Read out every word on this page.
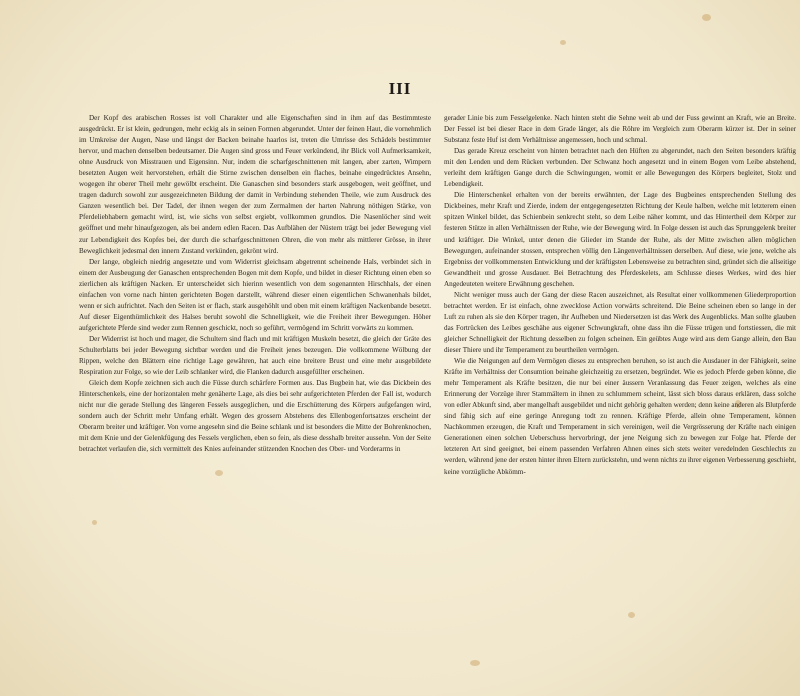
III

Der Kopf des arabischen Rosses ist voll Charakter und alle Eigenschaften sind in ihm auf das Bestimmteste ausgedrückt. Er ist klein, gedrungen, mehr eckig als in seinen Formen abgerundet. Unter der feinen Haut, die vornehmlich im Umkreise der Augen, Nase und längst der Backen beinahe haarlos ist, treten die Umrisse des Schädels bestimmter hervor, und machen denselben bedeutsamer. Die Augen sind gross und Feuer verkündend, ihr Blick voll Aufmerksamkeit, ohne Ausdruck von Misstrauen und Eigensinn. Nur, indem die scharfgeschnittenen mit langen, aber zarten, Wimpern besetzten Augen weit hervorstehen, erhält die Stirne zwischen denselben ein flaches, beinahe eingedrücktes Ansehn, wogegen ihr oberer Theil mehr gewölbt erscheint. Die Ganaschen sind besonders stark ausgebogen, weit geöffnet, und tragen dadurch sowohl zur ausgezeichneten Bildung der damit in Verbindung stehenden Theile, wie zum Ausdruck des Ganzen wesentlich bei. Der Tadel, der ihnen wegen der zum Zermalmen der harten Nahrung nöthigen Stärke, von Pferdeliebhabern gemacht wird, ist, wie sichs von selbst ergiebt, vollkommen grundlos. Die Nasenlöcher sind weit geöffnet und mehr hinaufgezogen, als bei andern edlen Racen. Das Aufblähen der Nüstern trägt bei jeder Bewegung viel zur Lebendigkeit des Kopfes bei, der durch die scharfgeschnittenen Ohren, die von mehr als mittlerer Grösse, in ihrer Beweglichkeit jedesmal den innern Zustand verkünden, gekrönt wird.

Der lange, obgleich niedrig angesetzte und vom Widerrist gleichsam abgetrennt scheinende Hals, verbindet sich in einem der Ausbeugung der Ganaschen entsprechenden Bogen mit dem Kopfe, und bildet in dieser Richtung einen eben so zierlichen als kräftigen Nacken. Er unterscheidet sich hierinn wesentlich von dem sogenannten Hirschhals, der einen einfachen von vorne nach hinten gerichteten Bogen darstellt, während dieser einen eigentlichen Schwanenhals bildet, wenn er sich aufrichtet. Nach den Seiten ist er flach, stark ausgehöhlt und oben mit einem kräftigen Nackenbande besetzt. Auf dieser Eigenthümlichkeit des Halses beruht sowohl die Schnelligkeit, wie die Freiheit ihrer Bewegungen. Höher aufgerichtete Pferde sind weder zum Rennen geschickt, noch so geführt, vermögend im Schritt vorwärts zu kommen.

Der Widerrist ist hoch und mager, die Schultern sind flach und mit kräftigen Muskeln besetzt, die gleich der Gräte des Schulterblatts bei jeder Bewegung sichtbar werden und die Freiheit jenes bezeugen. Die vollkommene Wölbung der Rippen, welche den Blättern eine richtige Lage gewähren, hat auch eine breitere Brust und eine mehr ausgebildete Respiration zur Folge, so wie der Leib schlanker wird, die Flanken dadurch ausgefüllter erscheinen.

Gleich dem Kopfe zeichnen sich auch die Füsse durch schärfere Formen aus. Das Bugbein hat, wie das Dickbein des Hinterschenkels, eine der horizontalen mehr genäherte Lage, als dies bei sehr aufgerichteten Pferden der Fall ist, wodurch nicht nur die gerade Stellung des längeren Fessels ausgeglichen, und die Erschütterung des Körpers aufgefangen wird, sondern auch der Schritt mehr Umfang erhält. Wegen des grossern Abstehens des Ellenbogenfortsatzes erscheint der Oberarm breiter und kräftiger. Von vorne angesehn sind die Beine schlank und ist besonders die Mitte der Bohrenknochen, mit dem Knie und der Gelenkfügung des Fessels verglichen, eben so fein, als diese desshalb breiter aussehn. Von der Seite betrachtet verlaufen die, sich vermittelt des Knies aufeinander stützenden Knochen des Ober- und Vorderarms in

gerader Linie bis zum Fesselgelenke. Nach hinten steht die Sehne weit ab und der Fuss gewinnt an Kraft, wie an Breite. Der Fessel ist bei dieser Race in dem Grade länger, als die Röhre im Vergleich zum Oberarm kürzer ist. Der in seiner Substanz feste Huf ist dem Verhältnisse angemessen, hoch und schmal.

Das gerade Kreuz erscheint von hinten betrachtet nach den Hüften zu abgerundet, nach den Seiten besonders kräftig mit den Lenden und dem Rücken verbunden. Der Schwanz hoch angesetzt und in einem Bogen vom Leibe abstehend, verleiht dem kräftigen Gange durch die Schwingungen, womit er alle Bewegungen des Körpers begleitet, Stolz und Lebendigkeit.

Die Hinterschenkel erhalten von der bereits erwähnten, der Lage des Bugbeines entsprechenden Stellung des Dickbeines, mehr Kraft und Zierde, indem der entgegengesetzten Richtung der Keule halben, welche mit letzterem einen spitzen Winkel bildet, das Schienbein senkrecht steht, so dem Leibe näher kommt, und das Hintertheil dem Körper zur festeren Stütze in allen Verhältnissen der Ruhe, wie der Bewegung wird. In Folge dessen ist auch das Sprunggelenk breiter und kräftiger. Die Winkel, unter denen die Glieder im Stande der Ruhe, als der Mitte zwischen allen möglichen Bewegungen, aufeinander stossen, entsprechen völlig den Längenverhältnissen derselben. Auf diese, wie jene, welche als Ergebniss der vollkommensten Entwicklung und der kräftigsten Lebensweise zu betrachten sind, gründet sich die allseitige Gewandtheit und grosse Ausdauer. Bei Betrachtung des Pferdeskelets, am Schlusse dieses Werkes, wird des hier Angedeuteten weitere Erwähnung geschehen.

Nicht weniger muss auch der Gang der diese Racen auszeichnet, als Resultat einer vollkommenen Gliederproportion betrachtet werden. Er ist einfach, ohne zwecklose Action vorwärts schreitend. Die Beine scheinen eben so lange in der Luft zu ruhen als sie den Körper tragen, ihr Aufheben und Niedersetzen ist das Werk des Augenblicks. Man sollte glauben das Fortrücken des Leibes geschähe aus eigener Schwungkraft, ohne dass ihn die Füsse trügen und fortstiessen, die mit gleicher Schnelligkeit der Richtung desselben zu folgen scheinen. Ein geübtes Auge wird aus dem Gange allein, den Bau dieser Thiere und ihr Temperament zu beurtheilen vermögen.

Wie die Neigungen auf dem Vermögen dieses zu entsprechen beruhen, so ist auch die Ausdauer in der Fähigkeit, seine Kräfte im Verhältniss der Consumtion beinahe gleichzeitig zu ersetzen, begründet. Wie es jedoch Pferde geben könne, die mehr Temperament als Kräfte besitzen, die nur bei einer äussern Veranlassung das Feuer zeigen, welches als eine Erinnerung der Vorzüge ihrer Stammältern in ihnen zu schlummern scheint, lässt sich bloss daraus erklären, dass solche von edler Abkunft sind, aber mangelhaft ausgebildet und nicht gehörig gehalten werden; denn keine anderen als Blutpferde sind fähig sich auf eine geringe Anregung todt zu rennen. Kräftige Pferde, allein ohne Temperament, können Nachkommen erzeugen, die Kraft und Temperament in sich vereinigen, weil die Vergrösserung der Kräfte nach einigen Generationen einen solchen Ueberschuss hervorbringt, der jene Neigung sich zu bewegen zur Folge hat. Pferde der letzteren Art sind geeignet, bei einem passenden Verfahren Ahnen eines sich stets weiter veredelnden Geschlechts zu werden, während jene der ersten hinter ihren Eltern zurückstehn, und wenn nichts zu ihrer eigenen Verbesserung geschieht, keine vorzügliche Abkömm-
